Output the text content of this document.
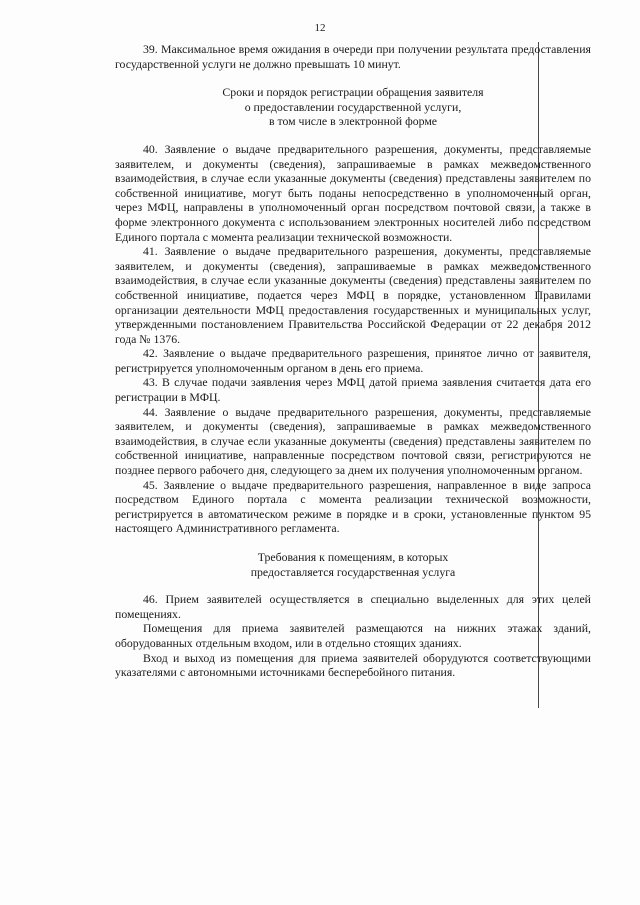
12

39. Максимальное время ожидания в очереди при получении результата предоставления государственной услуги не должно превышать 10 минут.

Сроки и порядок регистрации обращения заявителя
о предоставлении государственной услуги,
в том числе в электронной форме

40. Заявление о выдаче предварительного разрешения, документы, представляемые заявителем, и документы (сведения), запрашиваемые в рамках межведомственного взаимодействия, в случае если указанные документы (сведения) представлены заявителем по собственной инициативе, могут быть поданы непосредственно в уполномоченный орган, через МФЦ, направлены в уполномоченный орган посредством почтовой связи, а также в форме электронного документа с использованием электронных носителей либо посредством Единого портала с момента реализации технической возможности.

41. Заявление о выдаче предварительного разрешения, документы, представляемые заявителем, и документы (сведения), запрашиваемые в рамках межведомственного взаимодействия, в случае если указанные документы (сведения) представлены заявителем по собственной инициативе, подается через МФЦ в порядке, установленном Правилами организации деятельности МФЦ предоставления государственных и муниципальных услуг, утвержденными постановлением Правительства Российской Федерации от 22 декабря 2012 года № 1376.

42. Заявление о выдаче предварительного разрешения, принятое лично от заявителя, регистрируется уполномоченным органом в день его приема.

43. В случае подачи заявления через МФЦ датой приема заявления считается дата его регистрации в МФЦ.

44. Заявление о выдаче предварительного разрешения, документы, представляемые заявителем, и документы (сведения), запрашиваемые в рамках межведомственного взаимодействия, в случае если указанные документы (сведения) представлены заявителем по собственной инициативе, направленные посредством почтовой связи, регистрируются не позднее первого рабочего дня, следующего за днем их получения уполномоченным органом.

45. Заявление о выдаче предварительного разрешения, направленное в виде запроса посредством Единого портала с момента реализации технической возможности, регистрируется в автоматическом режиме в порядке и в сроки, установленные пунктом 95 настоящего Административного регламента.

Требования к помещениям, в которых
предоставляется государственная услуга

46. Прием заявителей осуществляется в специально выделенных для этих целей помещениях.

Помещения для приема заявителей размещаются на нижних этажах зданий, оборудованных отдельным входом, или в отдельно стоящих зданиях.

Вход и выход из помещения для приема заявителей оборудуются соответствующими указателями с автономными источниками бесперебойного питания.
